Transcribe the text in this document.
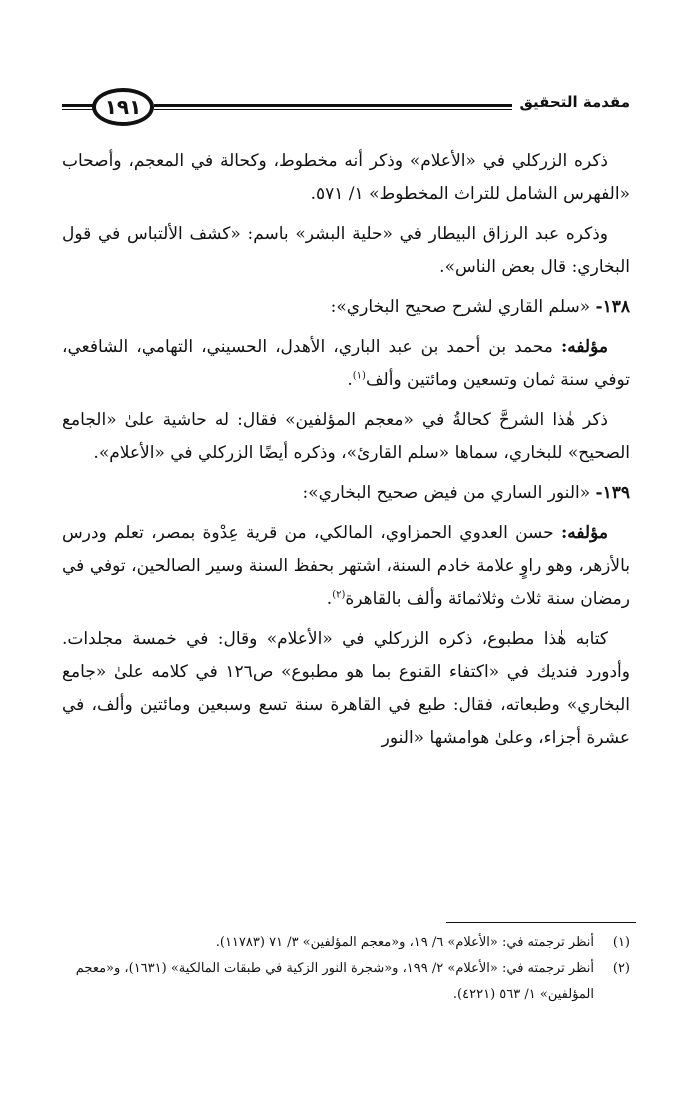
مقدمة التحقيق
١٩١

ذكره الزركلي في «الأعلام» وذكر أنه مخطوط، وكحالة في المعجم، وأصحاب «الفهرس الشامل للتراث المخطوط» ١/ ٥٧١.

وذكره عبد الرزاق البيطار في «حلية البشر» باسم: «كشف الألتباس في قول البخاري: قال بعض الناس».

١٣٨- «سلم القاري لشرح صحيح البخاري»:

مؤلفه: محمد بن أحمد بن عبد الباري، الأهدل، الحسيني، التهامي، الشافعي، توفي سنة ثمان وتسعين ومائتين وألف$^{(١)}$.

ذكر هٰذا الشرحَّ كحالةُ في «معجم المؤلفين» فقال: له حاشية علىٰ «الجامع الصحيح» للبخاري، سماها «سلم القارئ»، وذكره أيضًا الزركلي في «الأعلام».

١٣٩- «النور الساري من فيض صحيح البخاري»:

مؤلفه: حسن العدوي الحمزاوي، المالكي، من قرية عِدْوة بمصر، تعلم ودرس بالأزهر، وهو راوٍ علامة خادم السنة، اشتهر بحفظ السنة وسير الصالحين، توفي في رمضان سنة ثلاث وثلاثمائة وألف بالقاهرة$^{(٢)}$.

كتابه هٰذا مطبوع، ذكره الزركلي في «الأعلام» وقال: في خمسة مجلدات. وأدورد فنديك في «اكتفاء القنوع بما هو مطبوع» ص١٢٦ في كلامه علىٰ «جامع البخاري» وطبعاته، فقال: طبع في القاهرة سنة تسع وسبعين ومائتين وألف، في عشرة أجزاء، وعلىٰ هوامشها «النور

(١)
أنظر ترجمته في: «الأعلام» ٦/ ١٩، و«معجم المؤلفين» ٣/ ٧١ (١١٧٨٣).

(٢)
أنظر ترجمته في: «الأعلام» ٢/ ١٩٩، و«شجرة النور الزكية في طبقات المالكية» (١٦٣١)، و«معجم المؤلفين» ١/ ٥٦٣ (٤٢٢١).
